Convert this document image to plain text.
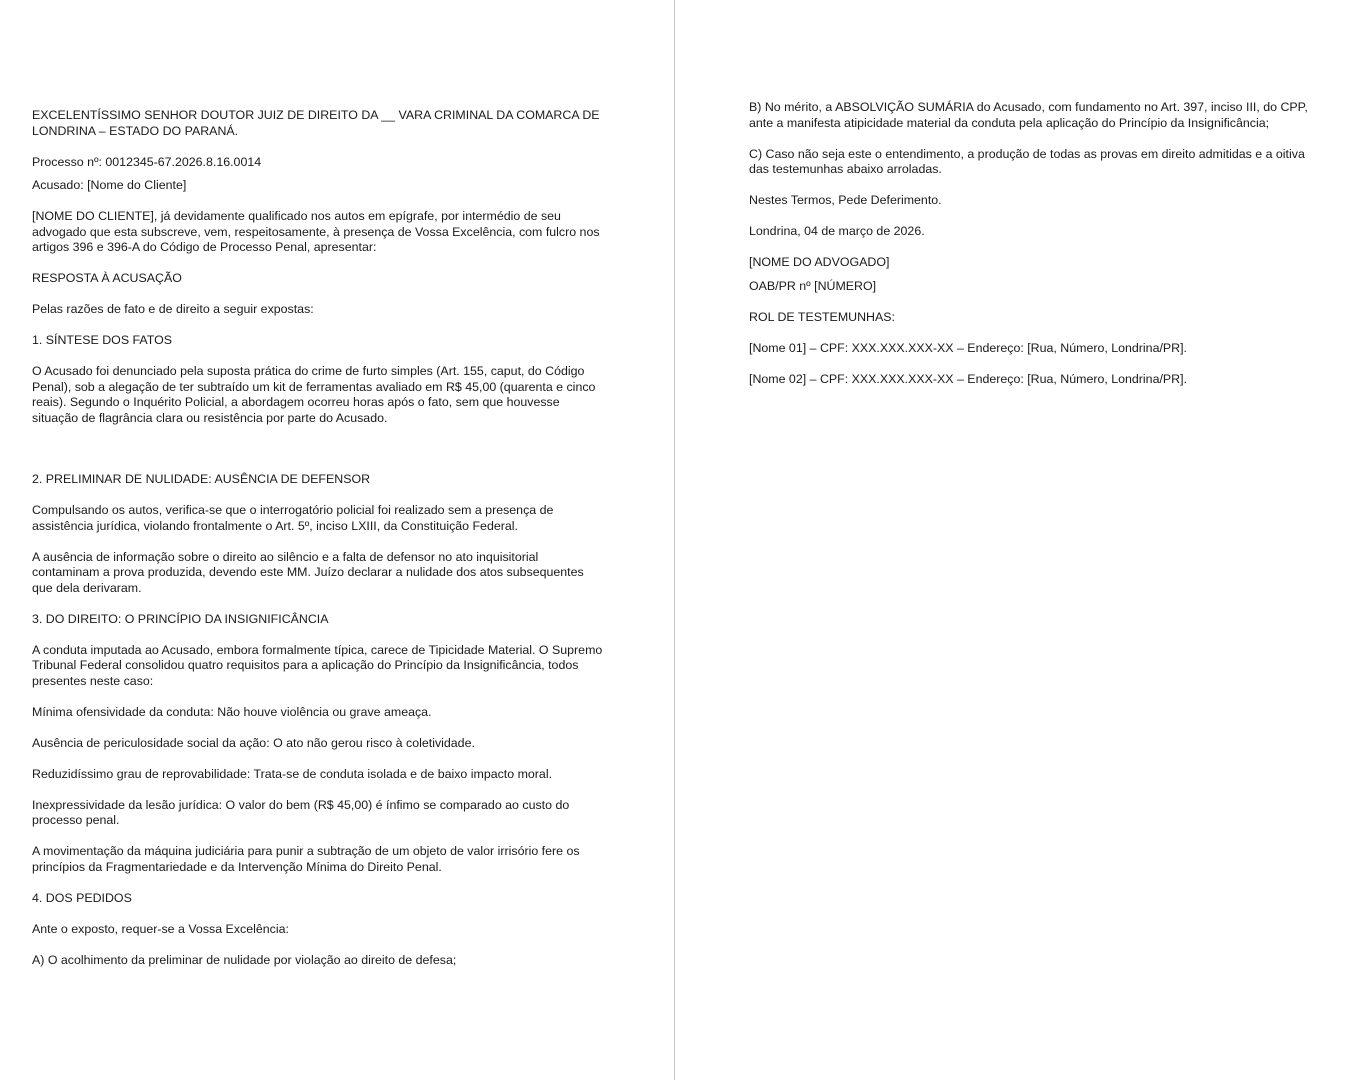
EXCELENTÍSSIMO SENHOR DOUTOR JUIZ DE DIREITO DA __ VARA CRIMINAL DA COMARCA DE LONDRINA – ESTADO DO PARANÁ.

Processo nº: 0012345-67.2026.8.16.0014

Acusado: [Nome do Cliente]

[NOME DO CLIENTE], já devidamente qualificado nos autos em epígrafe, por intermédio de seu advogado que esta subscreve, vem, respeitosamente, à presença de Vossa Excelência, com fulcro nos artigos 396 e 396-A do Código de Processo Penal, apresentar:

RESPOSTA À ACUSAÇÃO

Pelas razões de fato e de direito a seguir expostas:

1. SÍNTESE DOS FATOS

O Acusado foi denunciado pela suposta prática do crime de furto simples (Art. 155, caput, do Código Penal), sob a alegação de ter subtraído um kit de ferramentas avaliado em R$ 45,00 (quarenta e cinco reais). Segundo o Inquérito Policial, a abordagem ocorreu horas após o fato, sem que houvesse situação de flagrância clara ou resistência por parte do Acusado.

2. PRELIMINAR DE NULIDADE: AUSÊNCIA DE DEFENSOR

Compulsando os autos, verifica-se que o interrogatório policial foi realizado sem a presença de assistência jurídica, violando frontalmente o Art. 5º, inciso LXIII, da Constituição Federal.

A ausência de informação sobre o direito ao silêncio e a falta de defensor no ato inquisitorial contaminam a prova produzida, devendo este MM. Juízo declarar a nulidade dos atos subsequentes que dela derivaram.

3. DO DIREITO: O PRINCÍPIO DA INSIGNIFICÂNCIA

A conduta imputada ao Acusado, embora formalmente típica, carece de Tipicidade Material. O Supremo Tribunal Federal consolidou quatro requisitos para a aplicação do Princípio da Insignificância, todos presentes neste caso:

Mínima ofensividade da conduta: Não houve violência ou grave ameaça.

Ausência de periculosidade social da ação: O ato não gerou risco à coletividade.

Reduzidíssimo grau de reprovabilidade: Trata-se de conduta isolada e de baixo impacto moral.

Inexpressividade da lesão jurídica: O valor do bem (R$ 45,00) é ínfimo se comparado ao custo do processo penal.

A movimentação da máquina judiciária para punir a subtração de um objeto de valor irrisório fere os princípios da Fragmentariedade e da Intervenção Mínima do Direito Penal.

4. DOS PEDIDOS

Ante o exposto, requer-se a Vossa Excelência:

A) O acolhimento da preliminar de nulidade por violação ao direito de defesa;

B) No mérito, a ABSOLVIÇÃO SUMÁRIA do Acusado, com fundamento no Art. 397, inciso III, do CPP, ante a manifesta atipicidade material da conduta pela aplicação do Princípio da Insignificância;

C) Caso não seja este o entendimento, a produção de todas as provas em direito admitidas e a oitiva das testemunhas abaixo arroladas.

Nestes Termos, Pede Deferimento.

Londrina, 04 de março de 2026.

[NOME DO ADVOGADO]

OAB/PR nº [NÚMERO]

ROL DE TESTEMUNHAS:

[Nome 01] – CPF: XXX.XXX.XXX-XX – Endereço: [Rua, Número, Londrina/PR].

[Nome 02] – CPF: XXX.XXX.XXX-XX – Endereço: [Rua, Número, Londrina/PR].
